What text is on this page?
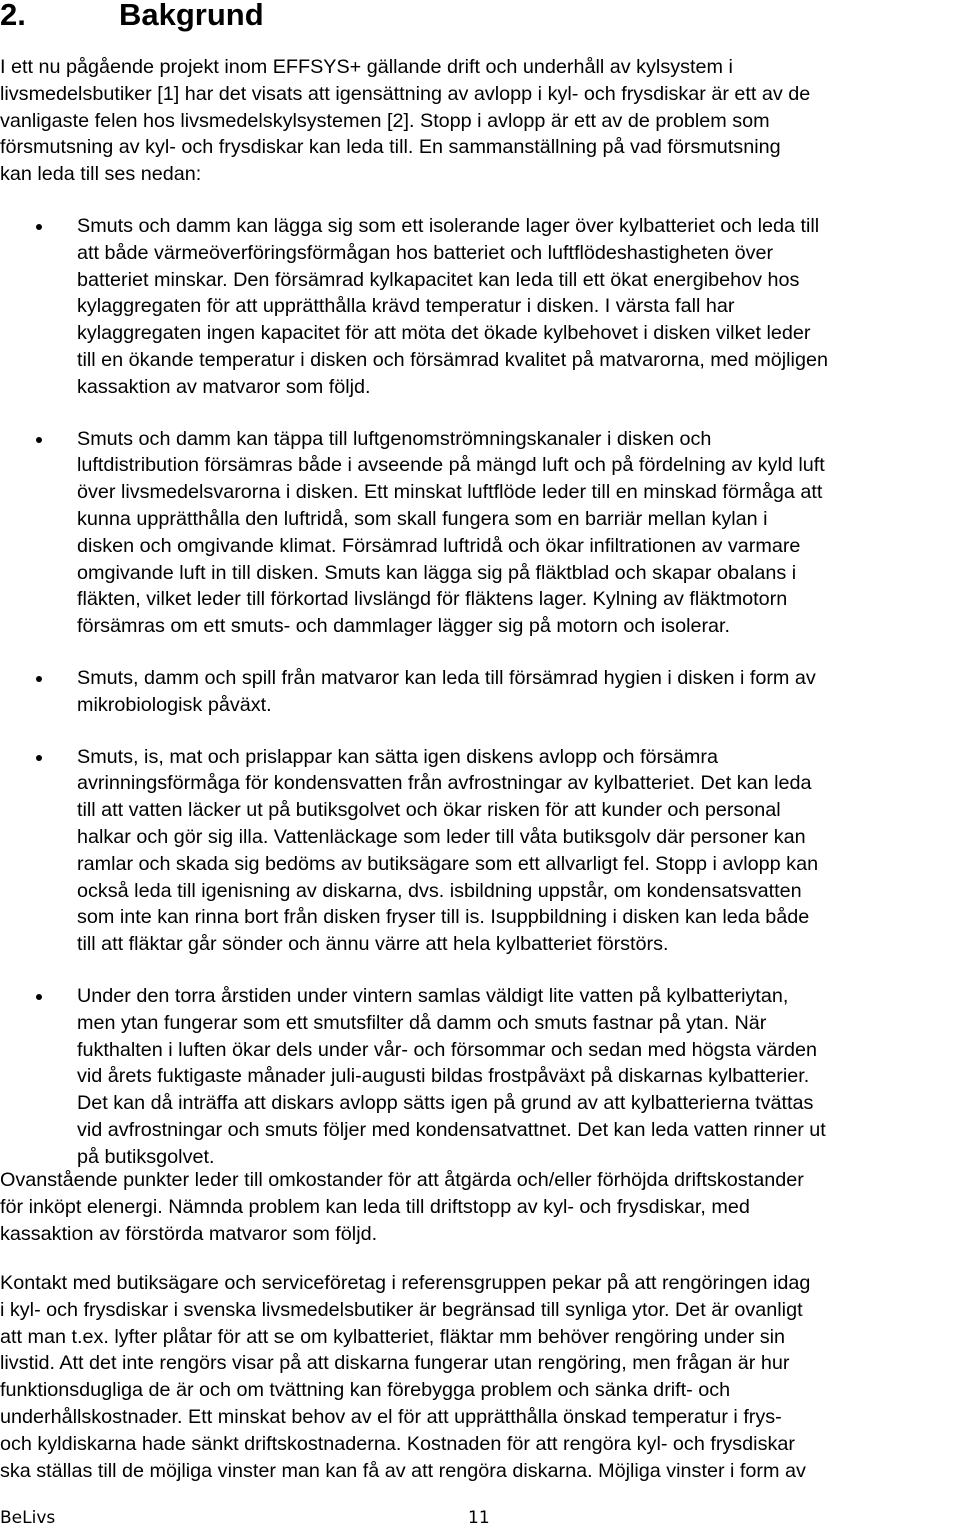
2.	Bakgrund

I ett nu pågående projekt inom EFFSYS+ gällande drift och underhåll av kylsystem i
livsmedelsbutiker [1] har det visats att igensättning av avlopp i kyl- och frysdiskar är ett av de
vanligaste felen hos livsmedelskylsystemen [2]. Stopp i avlopp är ett av de problem som
försmutsning av kyl- och frysdiskar kan leda till. En sammanställning på vad försmutsning
kan leda till ses nedan:

Smuts och damm kan lägga sig som ett isolerande lager över kylbatteriet och leda till
att både värmeöverföringsförmågan hos batteriet och luftflödeshastigheten över
batteriet minskar. Den försämrad kylkapacitet kan leda till ett ökat energibehov hos
kylaggregaten för att upprätthålla krävd temperatur i disken. I värsta fall har
kylaggregaten ingen kapacitet för att möta det ökade kylbehovet i disken vilket leder
till en ökande temperatur i disken och försämrad kvalitet på matvarorna, med möjligen
kassaktion av matvaror som följd.
Smuts och damm kan täppa till luftgenomströmningskanaler i disken och
luftdistribution försämras både i avseende på mängd luft och på fördelning av kyld luft
över livsmedelsvarorna i disken. Ett minskat luftflöde leder till en minskad förmåga att
kunna upprätthålla den luftridå, som skall fungera som en barriär mellan kylan i
disken och omgivande klimat. Försämrad luftridå och ökar infiltrationen av varmare
omgivande luft in till disken. Smuts kan lägga sig på fläktblad och skapar obalans i
fläkten, vilket leder till förkortad livslängd för fläktens lager. Kylning av fläktmotorn
försämras om ett smuts- och dammlager lägger sig på motorn och isolerar.
Smuts, damm och spill från matvaror kan leda till försämrad hygien i disken i form av
mikrobiologisk påväxt.
Smuts, is, mat och prislappar kan sätta igen diskens avlopp och försämra
avrinningsförmåga för kondensvatten från avfrostningar av kylbatteriet. Det kan leda
till att vatten läcker ut på butiksgolvet och ökar risken för att kunder och personal
halkar och gör sig illa. Vattenläckage som leder till våta butiksgolv där personer kan
ramlar och skada sig bedöms av butiksägare som ett allvarligt fel. Stopp i avlopp kan
också leda till igenisning av diskarna, dvs. isbildning uppstår, om kondensatsvatten
som inte kan rinna bort från disken fryser till is. Isuppbildning i disken kan leda både
till att fläktar går sönder och ännu värre att hela kylbatteriet förstörs.
Under den torra årstiden under vintern samlas väldigt lite vatten på kylbatteriytan,
men ytan fungerar som ett smutsfilter då damm och smuts fastnar på ytan. När
fukthalten i luften ökar dels under vår- och försommar och sedan med högsta värden
vid årets fuktigaste månader juli-augusti bildas frostpåväxt på diskarnas kylbatterier.
Det kan då inträffa att diskars avlopp sätts igen på grund av att kylbatterierna tvättas
vid avfrostningar och smuts följer med kondensatvattnet. Det kan leda vatten rinner ut
på butiksgolvet.

Ovanstående punkter leder till omkostander för att åtgärda och/eller förhöjda driftskostander
för inköpt elenergi. Nämnda problem kan leda till driftstopp av kyl- och frysdiskar, med
kassaktion av förstörda matvaror som följd.

Kontakt med butiksägare och serviceföretag i referensgruppen pekar på att rengöringen idag
i kyl- och frysdiskar i svenska livsmedelsbutiker är begränsad till synliga ytor. Det är ovanligt
att man t.ex. lyfter plåtar för att se om kylbatteriet, fläktar mm behöver rengöring under sin
livstid. Att det inte rengörs visar på att diskarna fungerar utan rengöring, men frågan är hur
funktionsdugliga de är och om tvättning kan förebygga problem och sänka drift- och
underhållskostnader. Ett minskat behov av el för att upprätthålla önskad temperatur i frys-
och kyldiskarna hade sänkt driftskostnaderna. Kostnaden för att rengöra kyl- och frysdiskar
ska ställas till de möjliga vinster man kan få av att rengöra diskarna. Möjliga vinster i form av

BeLivs	11
